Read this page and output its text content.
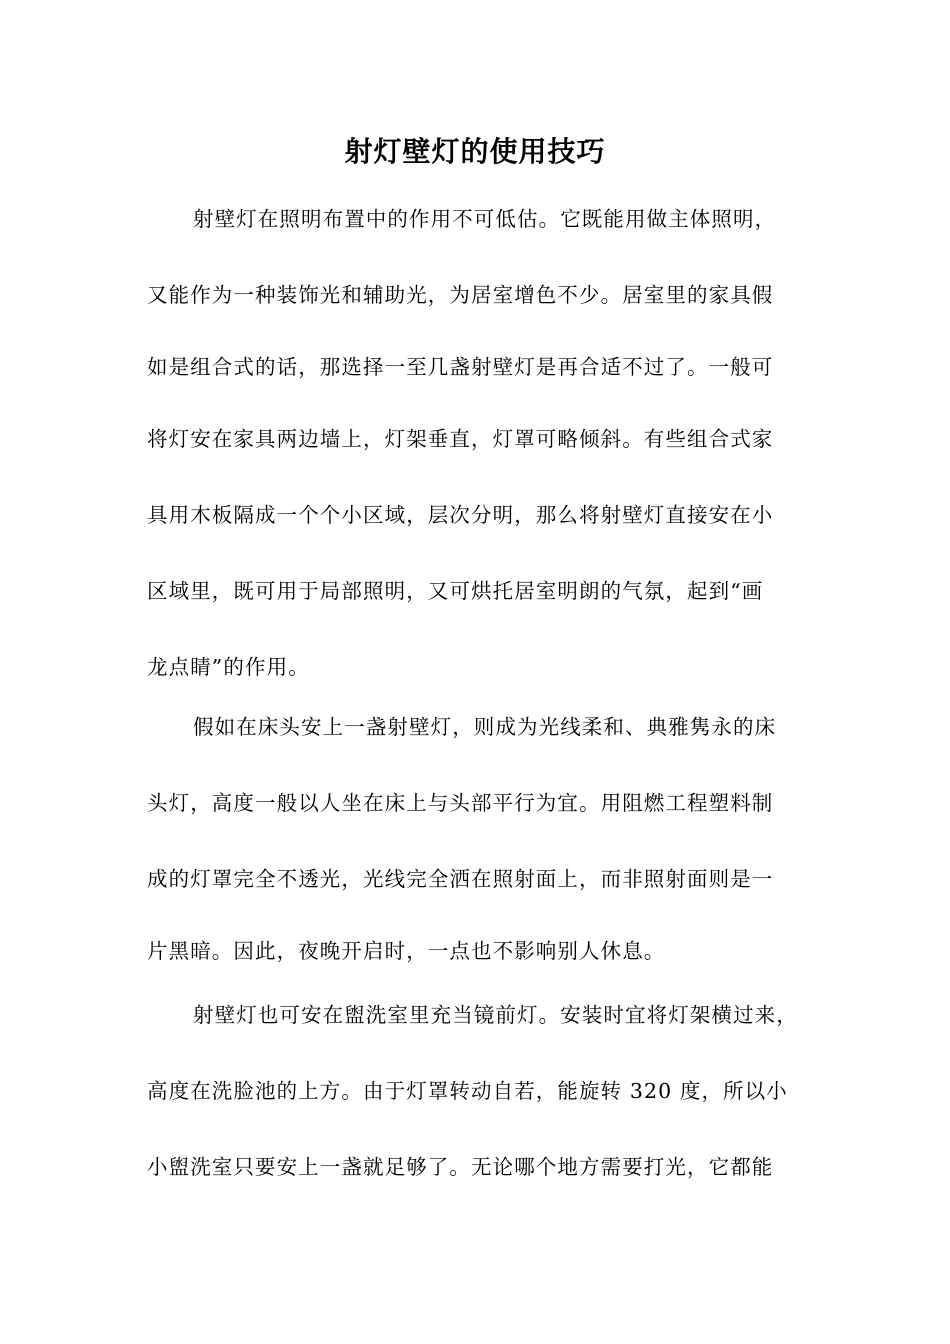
射灯壁灯的使用技巧
射壁灯在照明布置中的作用不可低估。它既能用做主体照明，
又能作为一种装饰光和辅助光，为居室增色不少。居室里的家具假
如是组合式的话，那选择一至几盏射壁灯是再合适不过了。一般可
将灯安在家具两边墙上，灯架垂直，灯罩可略倾斜。有些组合式家
具用木板隔成一个个小区域，层次分明，那么将射壁灯直接安在小
区域里，既可用于局部照明，又可烘托居室明朗的气氛，起到“画
龙点睛”的作用。
假如在床头安上一盏射壁灯，则成为光线柔和、典雅隽永的床
头灯，高度一般以人坐在床上与头部平行为宜。用阻燃工程塑料制
成的灯罩完全不透光，光线完全洒在照射面上，而非照射面则是一
片黑暗。因此，夜晚开启时，一点也不影响别人休息。
射壁灯也可安在盥洗室里充当镜前灯。安装时宜将灯架横过来，
高度在洗脸池的上方。由于灯罩转动自若，能旋转 320 度，所以小
小盥洗室只要安上一盏就足够了。无论哪个地方需要打光，它都能
